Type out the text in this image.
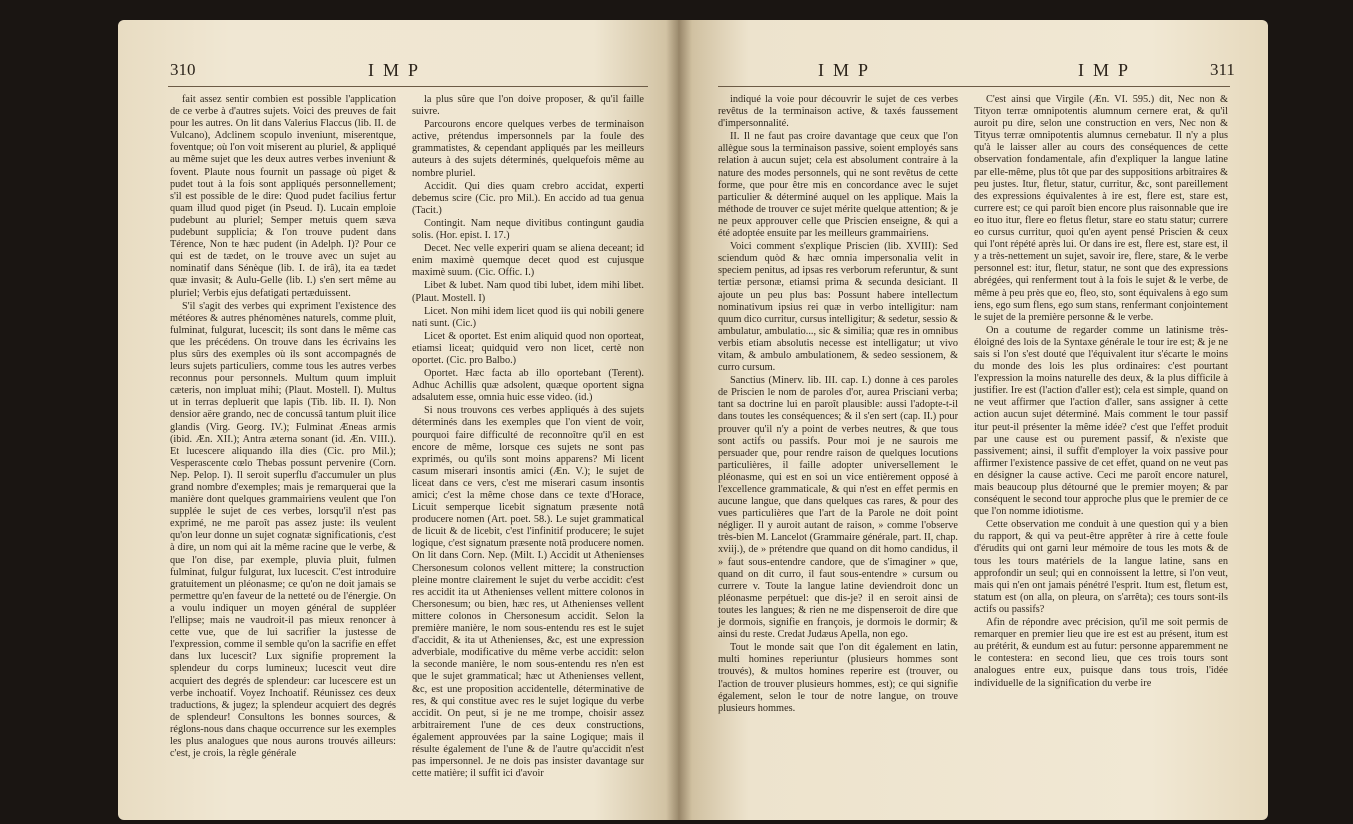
310	IMP

fait assez sentir combien est possible l'application de ce verbe à d'autres sujets. Voici des preuves de fait pour les autres. On lit dans Valerius Flaccus (lib. II. de Vulcano), Adclinem scopulo inveniunt, miserentque, foventque; où l'on voit miserent au pluriel, & appliqué au même sujet que les deux autres verbes inveniunt & fovent. Plaute nous fournit un passage où piget & pudet tout à la fois sont appliqués personnellement; s'il est possible de le dire: Quod pudet facilius fertur quam illud quod piget (in Pseud. I). Lucain emploie pudebunt au pluriel; Semper metuis quem sæva pudebunt supplicia; & l'on trouve pudent dans Térence, Non te hæc pudent (in Adelph. I)? Pour ce qui est de tædet, on le trouve avec un sujet au nominatif dans Sénèque (lib. I. de irâ), ita ea tædet quæ invasit; & Aulu-Gelle (lib. I.) s'en sert même au pluriel; Verbis ejus defatigati pertæduissent.

S'il s'agit des verbes qui expriment l'existence des météores & autres phénomènes naturels, comme pluit, fulminat, fulgurat, lucescit; ils sont dans le même cas que les précédens. On trouve dans les écrivains les plus sûrs des exemples où ils sont accompagnés de leurs sujets particuliers, comme tous les autres verbes reconnus pour personnels. Multum quum impluit cæteris, non impluat mihi; (Plaut. Mostell. I). Multus ut in terras depluerit que lapis (Tib. lib. II. I). Non densior aëre grando, nec de concussâ tantum pluit ilice glandis (Virg. Georg. IV.); Fulminat Æneas armis (ibid. Æn. XII.); Antra æterna sonant (id. Æn. VIII.). Et lucescere aliquando illa dies (Cic. pro Mil.); Vesperascente cœlo Thebas possunt pervenire (Corn. Nep. Pelop. I). Il seroit superflu d'accumuler un plus grand nombre d'exemples; mais je remarquerai que la manière dont quelques grammairiens veulent que l'on supplée le sujet de ces verbes, lorsqu'il n'est pas exprimé, ne me paroît pas assez juste: ils veulent qu'on leur donne un sujet cognatæ significationis, c'est à dire, un nom qui ait la même racine que le verbe, & que l'on dise, par exemple, pluvia pluit, fulmen fulminat, fulgur fulgurat, lux lucescit. C'est introduire gratuitement un pléonasme; ce qu'on ne doit jamais se permettre qu'en faveur de la netteté ou de l'énergie. On a voulu indiquer un moyen général de suppléer l'ellipse; mais ne vaudroit-il pas mieux renoncer à cette vue, que de lui sacrifier la justesse de l'expression, comme il semble qu'on la sacrifie en effet dans lux lucescit? Lux signifie proprement la splendeur du corps lumineux; lucescit veut dire acquiert des degrés de splendeur: car lucescere est un verbe inchoatif. Voyez Inchoatif. Réunissez ces deux traductions, & jugez; la splendeur acquiert des degrés de splendeur! Consultons les bonnes sources, & réglons-nous dans chaque occurrence sur les exemples les plus analogues que nous aurons trouvés ailleurs: c'est, je crois, la règle générale

la plus sûre que l'on doive proposer, & qu'il faille suivre.

Parcourons encore quelques verbes de terminaison active, prétendus impersonnels par la foule des grammatistes, & cependant appliqués par les meilleurs auteurs à des sujets déterminés, quelquefois même au nombre pluriel.

Accidit. Qui dies quam crebro accidat, experti debemus scire (Cic. pro Mil.). En accido ad tua genua (Tacit.)

Contingit. Nam neque divitibus contingunt gaudia solis. (Hor. epist. I. 17.)

Decet. Nec velle experiri quam se aliena deceant; id enim maximè quemque decet quod est cujusque maximè suum. (Cic. Offic. I.)

Libet & lubet. Nam quod tibi lubet, idem mihi libet. (Plaut. Mostell. I)

Licet. Non mihi idem licet quod iis qui nobili genere nati sunt. (Cic.)

Licet & oportet. Est enim aliquid quod non oporteat, etiamsi liceat; quidquid vero non licet, certè non oportet. (Cic. pro Balbo.)

Oportet. Hæc facta ab illo oportebant (Terent). Adhuc Achillis quæ adsolent, quæque oportent signa adsalutem esse, omnia huic esse video. (id.)

Si nous trouvons ces verbes appliqués à des sujets déterminés dans les exemples que l'on vient de voir, pourquoi faire difficulté de reconnoître qu'il en est encore de même, lorsque ces sujets ne sont pas exprimés, ou qu'ils sont moins apparens? Mi licent casum miserari insontis amici (Æn. V.); le sujet de liceat dans ce vers, c'est me miserari casum insontis amici; c'est la même chose dans ce texte d'Horace, Licuit semperque licebit signatum præsente notâ producere nomen (Art. poet. 58.). Le sujet grammatical de licuit & de licebit, c'est l'infinitif producere; le sujet logique, c'est signatum præsente notâ producere nomen. On lit dans Corn. Nep. (Milt. I.) Accidit ut Athenienses Chersonesum colonos vellent mittere; la construction pleine montre clairement le sujet du verbe accidit: c'est res accidit ita ut Athenienses vellent mittere colonos in Chersonesum; ou bien, hæc res, ut Athenienses vellent mittere colonos in Chersonesum accidit. Selon la première manière, le nom sous-entendu res est le sujet d'accidit, & ita ut Athenienses, &c, est une expression adverbiale, modificative du même verbe accidit: selon la seconde manière, le nom sous-entendu res n'en est que le sujet grammatical; hæc ut Athenienses vellent, &c, est une proposition accidentelle, déterminative de res, & qui constitue avec res le sujet logique du verbe accidit. On peut, si je ne me trompe, choisir assez arbitrairement l'une de ces deux constructions, également approuvées par la saine Logique; mais il résulte également de l'une & de l'autre qu'accidit n'est pas impersonnel. Je ne dois pas insister davantage sur cette matière; il suffit ici d'avoir

IMP	IMP	311

indiqué la voie pour découvrir le sujet de ces verbes revêtus de la terminaison active, & taxés faussement d'impersonnalité.

II. Il ne faut pas croire davantage que ceux que l'on allègue sous la terminaison passive, soient employés sans relation à aucun sujet; cela est absolument contraire à la nature des modes personnels, qui ne sont revêtus de cette forme, que pour être mis en concordance avec le sujet particulier & déterminé auquel on les applique. Mais la méthode de trouver ce sujet mérite quelque attention; & je ne peux approuver celle que Priscien enseigne, & qui a été adoptée ensuite par les meilleurs grammairiens.

Voici comment s'explique Priscien (lib. XVIII): Sed sciendum quòd & hæc omnia impersonalia velit in speciem penitus, ad ipsas res verborum referuntur, & sunt tertiæ personæ, etiamsi prima & secunda desiciant. Il ajoute un peu plus bas: Possunt habere intellectum nominativum ipsius rei quæ in verbo intelligitur: nam quum dico curritur, cursus intelligitur; & sedetur, sessio & ambulatur, ambulatio..., sic & similia; quæ res in omnibus verbis etiam absolutis necesse est intelligatur; ut vivo vitam, & ambulo ambulationem, & sedeo sessionem, & curro cursum.

Sanctius (Minerv. lib. III. cap. I.) donne à ces paroles de Priscien le nom de paroles d'or, aurea Prisciani verba; tant sa doctrine lui en paroît plausible: aussi l'adopte-t-il dans toutes les conséquences; & il s'en sert (cap. II.) pour prouver qu'il n'y a point de verbes neutres, & que tous sont actifs ou passifs. Pour moi je ne saurois me persuader que, pour rendre raison de quelques locutions particulières, il faille adopter universellement le pléonasme, qui est en soi un vice entièrement opposé à l'excellence grammaticale, & qui n'est en effet permis en aucune langue, que dans quelques cas rares, & pour des vues particulières que l'art de la Parole ne doit point négliger. Il y auroit autant de raison, » comme l'observe très-bien M. Lancelot (Grammaire générale, part. II, chap. xviij.), de » prétendre que quand on dit homo candidus, il » faut sous-entendre candore, que de s'imaginer » que, quand on dit curro, il faut sous-entendre » cursum ou currere v. Toute la langue latine deviendroit donc un pléonasme perpétuel: que dis-je? il en seroit ainsi de toutes les langues; & rien ne me dispenseroit de dire que je dormois, signifie en françois, je dormois le dormir; & ainsi du reste. Credat Judæus Apella, non ego.

Tout le monde sait que l'on dit également en latin, multi homines reperiuntur (plusieurs hommes sont trouvés), & multos homines reperire est (trouver, ou l'action de trouver plusieurs hommes, est); ce qui signifie également, selon le tour de notre langue, on trouve plusieurs hommes.

C'est ainsi que Virgile (Æn. VI. 595.) dit, Nec non & Tityon terræ omnipotentis alumnum cernere erat, & qu'il auroit pu dire, selon une construction en vers, Nec non & Tityus terræ omnipotentis alumnus cernebatur. Il n'y a plus qu'à le laisser aller au cours des conséquences de cette observation fondamentale, afin d'expliquer la langue latine par elle-même, plus tôt que par des suppositions arbitraires & peu justes. Itur, fletur, statur, curritur, &c, sont pareillement des expressions équivalentes à ire est, flere est, stare est, currere est; ce qui paroît bien encore plus raisonnable que ire eo ituo itur, flere eo fletus fletur, stare eo statu statur; currere eo cursus curritur, quoi qu'en ayent pensé Priscien & ceux qui l'ont répété après lui. Or dans ire est, flere est, stare est, il y a très-nettement un sujet, savoir ire, flere, stare, & le verbe personnel est: itur, fletur, statur, ne sont que des expressions abrégées, qui renferment tout à la fois le sujet & le verbe, de même à peu près que eo, fleo, sto, sont équivalens à ego sum iens, ego sum flens, ego sum stans, renfermant conjointement le sujet de la première personne & le verbe.

On a coutume de regarder comme un latinisme très-éloigné des lois de la Syntaxe générale le tour ire est; & je ne sais si l'on s'est douté que l'équivalent itur s'écarte le moins du monde des lois les plus ordinaires: c'est pourtant l'expression la moins naturelle des deux, & la plus difficile à justifier. Ire est (l'action d'aller est); cela est simple, quand on ne veut affirmer que l'action d'aller, sans assigner à cette action aucun sujet déterminé. Mais comment le tour passif itur peut-il présenter la même idée? c'est que l'effet produit par une cause est ou purement passif, & n'existe que passivement; ainsi, il suffit d'employer la voix passive pour affirmer l'existence passive de cet effet, quand on ne veut pas en désigner la cause active. Ceci me paroît encore naturel, mais beaucoup plus détourné que le premier moyen; & par conséquent le second tour approche plus que le premier de ce que l'on nomme idiotisme.

Cette observation me conduit à une question qui y a bien du rapport, & qui va peut-être apprêter à rire à cette foule d'érudits qui ont garni leur mémoire de tous les mots & de tous les tours matériels de la langue latine, sans en approfondir un seul; qui en connoissent la lettre, si l'on veut, mais qui n'en ont jamais pénétré l'esprit. Itum est, fletum est, statum est (on alla, on pleura, on s'arrêta); ces tours sont-ils actifs ou passifs?

Afin de répondre avec précision, qu'il me soit permis de remarquer en premier lieu que ire est est au présent, itum est au prétérit, & eundum est au futur: personne apparemment ne le contestera: en second lieu, que ces trois tours sont analogues entre eux, puisque dans tous trois, l'idée individuelle de la signification du verbe ire
